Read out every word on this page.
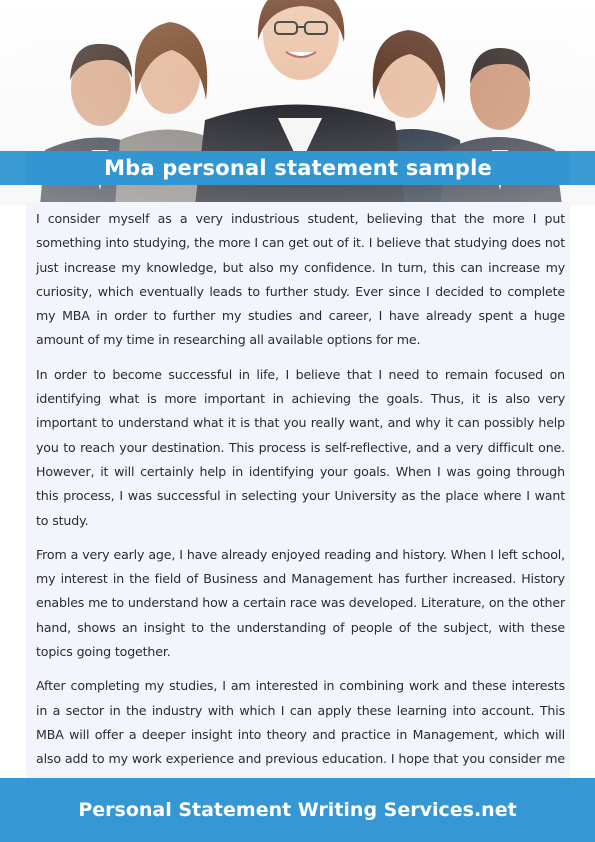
Mba personal statement sample

I consider myself as a very industrious student, believing that the more I put something into studying, the more I can get out of it. I believe that studying does not just increase my knowledge, but also my confidence. In turn, this can increase my curiosity, which eventually leads to further study. Ever since I decided to complete my MBA in order to further my studies and career, I have already spent a huge amount of my time in researching all available options for me.

In order to become successful in life, I believe that I need to remain focused on identifying what is more important in achieving the goals. Thus, it is also very important to understand what it is that you really want, and why it can possibly help you to reach your destination. This process is self-reflective, and a very difficult one. However, it will certainly help in identifying your goals. When I was going through this process, I was successful in selecting your University as the place where I want to study.

From a very early age, I have already enjoyed reading and history. When I left school, my interest in the field of Business and Management has further increased. History enables me to understand how a certain race was developed. Literature, on the other hand, shows an insight to the understanding of people of the subject, with these topics going together.

After completing my studies, I am interested in combining work and these interests in a sector in the industry with which I can apply these learning into account. This MBA will offer a deeper insight into theory and practice in Management, which will also add to my work experience and previous education. I hope that you consider me

Personal Statement Writing Services.net
